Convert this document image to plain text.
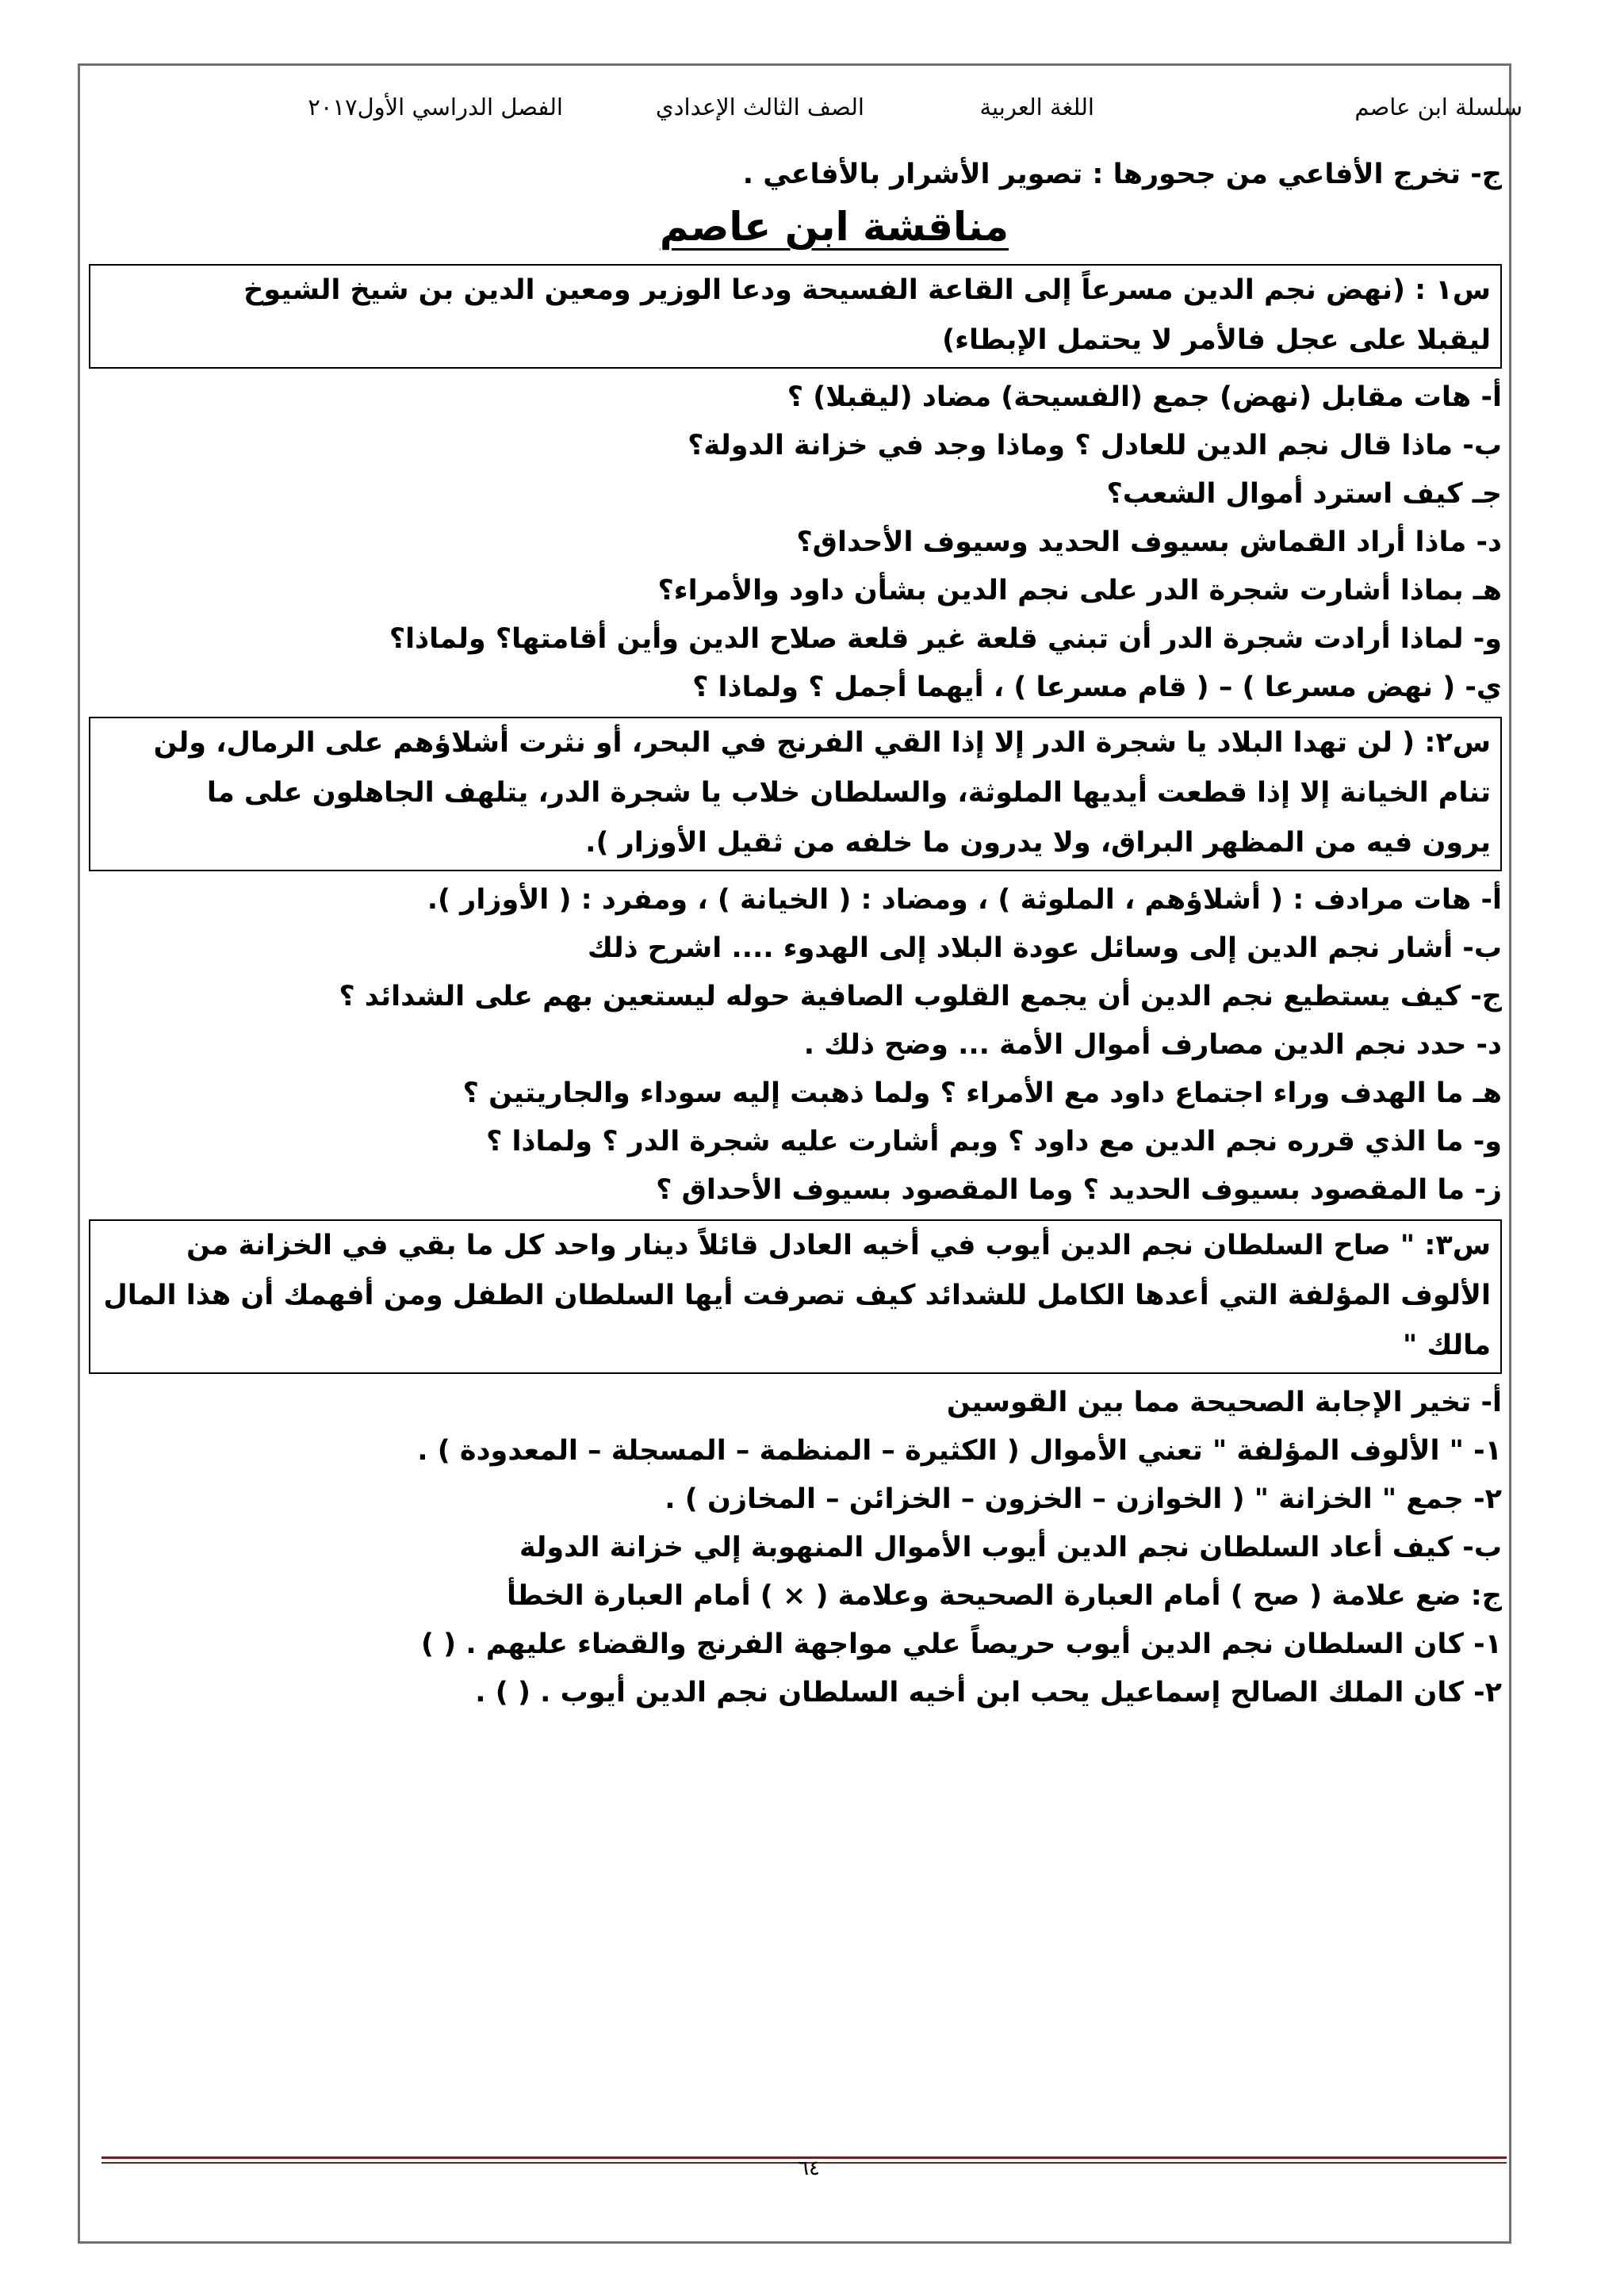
سلسلة ابن عاصم
اللغة العربية
الصف الثالث الإعدادي
الفصل الدراسي الأول٢٠١٧
ج- تخرج الأفاعي من جحورها : تصوير الأشرار بالأفاعي .
مناقشة ابن عاصم

س١ : (نهض نجم الدين مسرعاً إلى القاعة الفسيحة ودعا الوزير ومعين الدين بن شيخ الشيوخ

ليقبلا على عجل فالأمر لا يحتمل الإبطاء)

أ- هات مقابل (نهض) جمع (الفسيحة) مضاد (ليقبلا) ؟
ب- ماذا قال نجم الدين للعادل ؟ وماذا وجد في خزانة الدولة؟
جـ كيف استرد أموال الشعب؟
د- ماذا أراد القماش بسيوف الحديد وسيوف الأحداق؟
هـ بماذا أشارت شجرة الدر على نجم الدين بشأن داود والأمراء؟
و- لماذا أرادت شجرة الدر أن تبني قلعة غير قلعة صلاح الدين وأين أقامتها؟ ولماذا؟
ي- ( نهض مسرعا ) – ( قام مسرعا ) ، أيهما أجمل ؟ ولماذا ؟

س٢: ( لن تهدا البلاد يا شجرة الدر إلا إذا القي الفرنج في البحر، أو نثرت أشلاؤهم على الرمال، ولن

تنام الخيانة إلا إذا قطعت أيديها الملوثة، والسلطان خلاب يا شجرة الدر، يتلهف الجاهلون على ما

يرون فيه من المظهر البراق، ولا يدرون ما خلفه من ثقيل الأوزار ).

أ- هات مرادف : ( أشلاؤهم ، الملوثة ) ، ومضاد : ( الخيانة ) ، ومفرد : ( الأوزار ).
ب- أشار نجم الدين إلى وسائل عودة البلاد إلى الهدوء .... اشرح ذلك
ج- كيف يستطيع نجم الدين أن يجمع القلوب الصافية حوله ليستعين بهم على الشدائد ؟
د- حدد نجم الدين مصارف أموال الأمة ... وضح ذلك .
هـ ما الهدف وراء اجتماع داود مع الأمراء ؟ ولما ذهبت إليه سوداء والجاريتين ؟
و- ما الذي قرره نجم الدين مع داود ؟ وبم أشارت عليه شجرة الدر ؟ ولماذا ؟
ز- ما المقصود بسيوف الحديد ؟ وما المقصود بسيوف الأحداق ؟

س٣: " صاح السلطان نجم الدين أيوب في أخيه العادل قائلاً دينار واحد كل ما بقي في الخزانة من

الألوف المؤلفة التي أعدها الكامل للشدائد كيف تصرفت أيها السلطان الطفل ومن أفهمك أن هذا المال

مالك "

أ- تخير الإجابة الصحيحة مما بين القوسين
١- " الألوف المؤلفة " تعني الأموال ( الكثيرة – المنظمة – المسجلة – المعدودة ) .
٢- جمع " الخزانة " ( الخوازن – الخزون – الخزائن – المخازن ) .
ب- كيف أعاد السلطان نجم الدين أيوب الأموال المنهوبة إلي خزانة الدولة
ج: ضع علامة ( صح ) أمام العبارة الصحيحة وعلامة ( × ) أمام العبارة الخطأ
١- كان السلطان نجم الدين أيوب حريصاً علي مواجهة الفرنج والقضاء عليهم . ( )
٢- كان الملك الصالح إسماعيل يحب ابن أخيه السلطان نجم الدين أيوب . ( ) .
٦٤
